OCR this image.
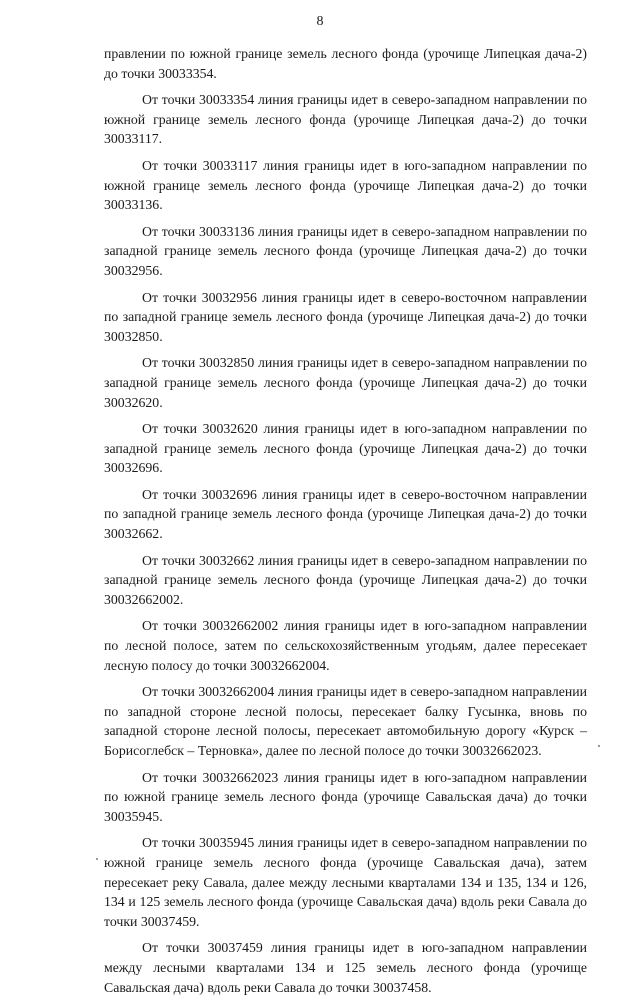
8

правлении по южной границе земель лесного фонда (урочище Липецкая дача-2) до точки 30033354.

От точки 30033354 линия границы идет в северо-западном направлении по южной границе земель лесного фонда (урочище Липецкая дача-2) до точки 30033117.

От точки 30033117 линия границы идет в юго-западном направлении по южной границе земель лесного фонда (урочище Липецкая дача-2) до точки 30033136.

От точки 30033136 линия границы идет в северо-западном направлении по западной границе земель лесного фонда (урочище Липецкая дача-2) до точки 30032956.

От точки 30032956 линия границы идет в северо-восточном направлении по западной границе земель лесного фонда (урочище Липецкая дача-2) до точки 30032850.

От точки 30032850 линия границы идет в северо-западном направлении по западной границе земель лесного фонда (урочище Липецкая дача-2) до точки 30032620.

От точки 30032620 линия границы идет в юго-западном направлении по западной границе земель лесного фонда (урочище Липецкая дача-2) до точки 30032696.

От точки 30032696 линия границы идет в северо-восточном направлении по западной границе земель лесного фонда (урочище Липецкая дача-2) до точки 30032662.

От точки 30032662 линия границы идет в северо-западном направлении по западной границе земель лесного фонда (урочище Липецкая дача-2) до точки 30032662002.

От точки 30032662002 линия границы идет в юго-западном направлении по лесной полосе, затем по сельскохозяйственным угодьям, далее пересекает лесную полосу до точки 30032662004.

От точки 30032662004 линия границы идет в северо-западном направлении по западной стороне лесной полосы, пересекает балку Гусынка, вновь по западной стороне лесной полосы, пересекает автомобильную дорогу «Курск – Борисоглебск – Терновка», далее по лесной полосе до точки 30032662023.

От точки 30032662023 линия границы идет в юго-западном направлении по южной границе земель лесного фонда (урочище Савальская дача) до точки 30035945.

От точки 30035945 линия границы идет в северо-западном направлении по южной границе земель лесного фонда (урочище Савальская дача), затем пересекает реку Савала, далее между лесными кварталами 134 и 135, 134 и 126, 134 и 125 земель лесного фонда (урочище Савальская дача) вдоль реки Савала до точки 30037459.

От точки 30037459 линия границы идет в юго-западном направлении между лесными кварталами 134 и 125 земель лесного фонда (урочище Савальская дача) вдоль реки Савала до точки 30037458.
